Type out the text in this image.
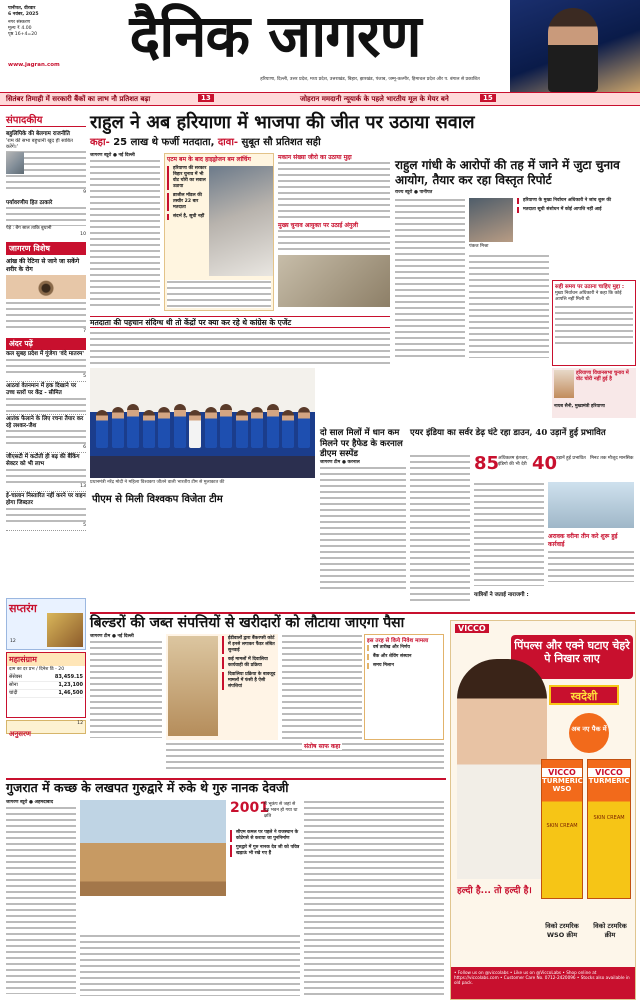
पानीपत, वीरवार
6 नवंबर, 2025
नगर संस्करण
मूल्य ₹ 4.00
पृष्ठ 16+4=20
www.jagran.com	दैनिक जागरण
हरियाणा, दिल्ली, उत्तर प्रदेश, मध्य प्रदेश, उत्तराखंड, बिहार, झारखंड, पंजाब, जम्मू-कश्मीर, हिमाचल प्रदेश और प. बंगाल से प्रकाशित
सितंबर तिमाही में सरकारी बैंकों का लाभ नौ प्रतिशत बढ़ा	13	जोहरान ममदानी न्यूयार्क के पहले भारतीय मूल के मेयर बने	15
संपादकीय
बहुलिपिके की बेलगाम राजनीति
'राम की सभा बहुधानी खुद ही साबित करेंगे।'
9
पर्यावरणीय हित ठाकारे
पेड़े : बैंग साल ताकि बुधानी
10
जागरण विशेष
आंख की रेटिना से जाने जा सकेंगे शरीर के रोग
7
अंदर पढ़ें
कल सुबह प्रदेश में गूंजेगा 'वंदे मातरम'
5
आठवां वेतनमान में हक दिखाने पर उच्च स्तरों पर केंद्र - सीमित
आतंक फैलाने के लिए रचना तैयार कर रहे लश्कर-जैश
6
जीएसटी में कटौती ही बढ़ की बैंकिंग सेक्टर को भी लाभ
13
ई-चालान निस्तारित नहीं करने पर वाहन होगा जिब्दतर
5
सप्तरंग
12
महासंग्राम
दाम का दर प्रभ / दिनेश ठिं - 20
सेंसेक्स	83,459.15
सोना	1,23,100
चांदी	1,46,500
अनुसरण
12
राहुल ने अब हरियाणा में भाजपा की जीत पर उठाया सवाल
कहा- 25 लाख थे फर्जी मतदाता, दावा- सुबूत सौ प्रतिशत सही
जागरण ब्यूरो ● नई दिल्ली
एटम बम के बाद हाइड्रोजन बम लांचिंग
हरियाणा की सरकार बिहार चुनाव में भी वोट चोरी का सवाल उठाया
ब्राजील मॉडल की तस्वीर 22 बार मतदाता
संदर्भ है, सूची नहीं
मकान संख्या जीरो का उठाया मुद्दा
मुख्य चुनाव आयुक्त पर उठाई अंगुली
मतदाता की पहचान संदिग्ध थी तो केंद्रों पर क्या कर रहे थे कांग्रेस के एजेंट
राहुल गांधी के आरोपों की तह में जाने में जुटा चुनाव आयोग, तैयार कर रहा विस्तृत रिपोर्ट
राज्य ब्यूरो ● पानीपत
पंकज मिश्रा
हरियाणा के मुख्य निर्वाचन अधिकारी ने जांच शुरू की
मतदाता सूची संशोधन में कोई आपत्ति नहीं आई
सही समय पर उठाना चाहिए मुद्दा :
मुख्य निर्वाचन अधिकारी ने कहा कि कोई आपत्ति नहीं मिली थी
हरियाणा विधानसभा चुनाव में वोट चोरी नहीं हुई है
नायब सैनी, मुख्यमंत्री हरियाणा
प्रधानमंत्री नरेंद्र मोदी ने महिला विश्वकप जीतने वाली भारतीय टीम से मुलाकात की
पीएम से मिली विश्वकप विजेता टीम
दो साल मिलों में धान कम मिलने पर हैफेड के करनाल डीएम सस्पेंड
जागरण टीम ● करनाल
एयर इंडिया का सर्वर डेढ़ घंटे रहा डाउन, 40 उड़ानें हुई प्रभावित
85
अधिकतम इंतजार, इंडिगो की भी देरी 40
उड़ानें हुई प्रभावित मिनट तक मौजूद मानसिक
अरावक वरीना तीन करे शुरू हुई कार्रवाई
यात्रियों ने जताई नाराजगी :
बिल्डरों की जब्त संपत्तियों से खरीदारों को लौटाया जाएगा पैसा
जागरण टीम ● नई दिल्ली	ईडीवालों द्वारा बैंकरप्सी कोर्ट में इनसे लगाकर फैंडर लंबित सुनवाई
कई मामलों में दिवालिया कार्यवाही की प्रक्रिया
दिवालिया प्रक्रिया के बावजूद मामलों में फंसी है ऐसी संपत्तियां
इस तरह से किये निवेश मामला
वर्ष तारीख और निर्णय
बैंक और शेविंग संस्थान
समय मिलान
संतोष साफ कहा
गुजरात में कच्छ के लखपत गुरुद्वारे में रुके थे गुरु नानक देवजी
जागरण ब्यूरो ● अहमदाबाद	2001
में भूकंप से जहां से यह भवन हो गया था क्षति
सीएम कमल पर पहले ने राजस्थान के कोटेगसे से कराया जा पुननिर्माण
गुरुद्वारे में गुरु नानक देव जी को पवित्र खड़ाऊं भी रखे गए हैं
VICCO
पिंपल्स और एक्ने घटाए चेहरे पे निखार लाए
स्वदेशी
अब नए पैक में
VICCO
TURMERIC WSO
SKIN CREAM
VICCO
TURMERIC
SKIN CREAM
हल्दी है... तो हल्दी है।
विको टरमरिक WSO क्रीम
विको टरमरिक क्रीम
• Follow us on @viccolabs • Like us on @ViccoLabs • Shop online at https://viccolabs.com • Customer Care No. 0712-2420096 • Stocks also available in old pack.
